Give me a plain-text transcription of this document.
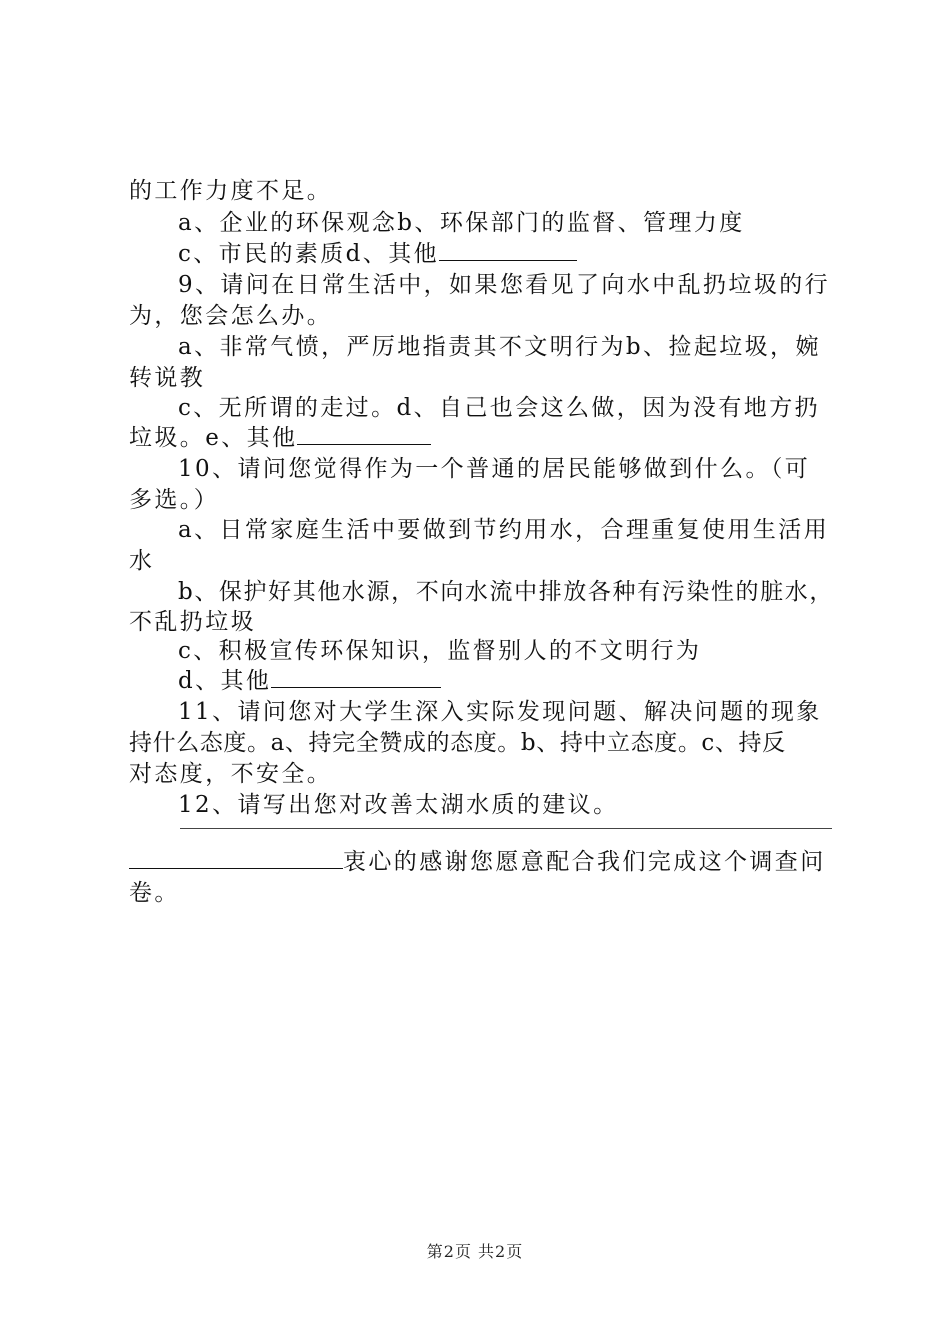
的工作力度不足。
a、企业的环保观念b、环保部门的监督、管理力度
c、市民的素质d、其他
9、请问在日常生活中，如果您看见了向水中乱扔垃圾的行
为，您会怎么办。
a、非常气愤，严厉地指责其不文明行为b、捡起垃圾，婉
转说教
c、无所谓的走过。d、自己也会这么做，因为没有地方扔
垃圾。e、其他
10、请问您觉得作为一个普通的居民能够做到什么。（可
多选。）
a、日常家庭生活中要做到节约用水，合理重复使用生活用
水
b、保护好其他水源，不向水流中排放各种有污染性的脏水，
不乱扔垃圾
c、积极宣传环保知识，监督别人的不文明行为
d、其他
11、请问您对大学生深入实际发现问题、解决问题的现象
持什么态度。a、持完全赞成的态度。b、持中立态度。c、持反
对态度，不安全。
12、请写出您对改善太湖水质的建议。
衷心的感谢您愿意配合我们完成这个调查问
卷。
第2页 共2页
